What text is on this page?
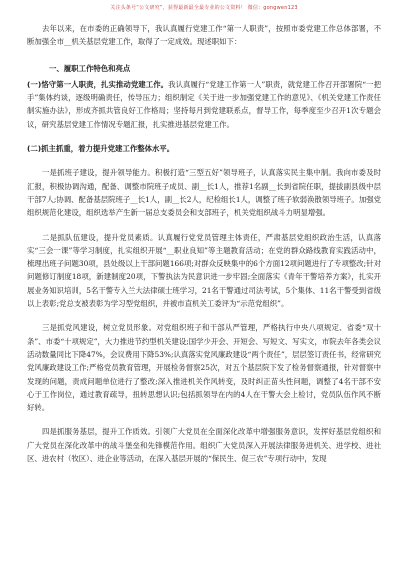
关注头条号“公文研究”，获得最新最全最专业的公文资料！ 微信：gongwen123

去年以来，在市委的正确领导下，我认真履行党建工作“第一人职责”，按照市委党建工作总体部署，不断加强全市__机关基层党建工作，取得了一定成效。现述职如下：

一、履职工作特色和亮点

(一)恪守第一人职责，扎实推动党建工作。我认真履行“党建工作第一人”职责，就党建工作召开部署院“一把手”集体约谈，逐级明确责任，传导压力；组织制定《关于进一步加强党建工作的意见》、《机关党建工作责任制实施办法》，形成齐抓共管良好工作格局；坚持每月到党建联系点，督导工作，每季度至少召开1次专题会议，研究基层党建工作情况专题汇报，扎实推进基层党建工作。

(二)抓主抓重，着力提升党建工作整体水平。

一是抓班子建设，提升领导能力。积极打造“三型五好”领导班子，认真落实民主集中制。我向市委及时汇报，积极协调沟通，配备、调整市院班子成员、副__长1人，推荐1名副__长到省院任职，提拔副县级中层干部7人;协调、配备基层院班子__长1人，副__长2人，纪检组长1人，调整了班子软弱涣散领导班子。加强党组织规范化建设，组织选举产生新一届总支委员会和支部班子，机关党组织战斗力明显增强。

二是抓队伍建设，提升党员素质。认真履行党党员管理主体责任，严肃基层党组织政治生活，认真落实“三会一课”等学习制度，扎实组织开展“__职业良知”等主题教育活动；在党的群众路线教育实践活动中，梳理出班子问题30项，县处级以上干部问题166项;对群众反映集中的6个方面12项问题进行了专项整改;针对问题修订制度18项，新建制度20项，下警执法为民意识进一步牢固;全面落实《青年干警培养方案》，扎实开展业务知识培训，5名干警专入兰大法律硕士班学习，21名干警通过司法考试，5个集体、11名干警受到省级以上表彰;党总支被表彰为学习型党组织，并被市直机关工委评为“示范党组织”。

三是抓党风建设，树立党员形象。对党组织班子和干部从严管理，严格执行中央八项规定、省委“双十条”、市委“十项规定”，大力推进节约型机关建设;国学少开会、开短会、写短文、写实文，市院去年各类会议活动数量同比下降47%，会议费用下降53%;认真落实党风廉政建设“两个责任”，层层签订责任书，经常研究党风廉政建设工作;严格党员教育管理，开展检务督察25次，对五个基层院下发了检务督察通报，针对督察中发现的问题，责成问题单位进行了整改;深入推进机关作风转变，及时纠正苗头性问题，调整了4名干部不安心于工作岗位，通过教育疏导，扭转思想认识;包括抓领导在内的4人在干警大会上检讨，党员队伍作风不断好转。

四是抓服务基层，提升工作质效。引领广大党员在全面深化改革中增强服务意识，发挥好基层党组织和广大党员在深化改革中的战斗堡垒和先锋模范作用。组织广大党员深入开展法律服务进机关、进学校、进社区、进农村（牧区）、进企业等活动，在深入基层开展的“保民生、促三农”专项行动中，发现
